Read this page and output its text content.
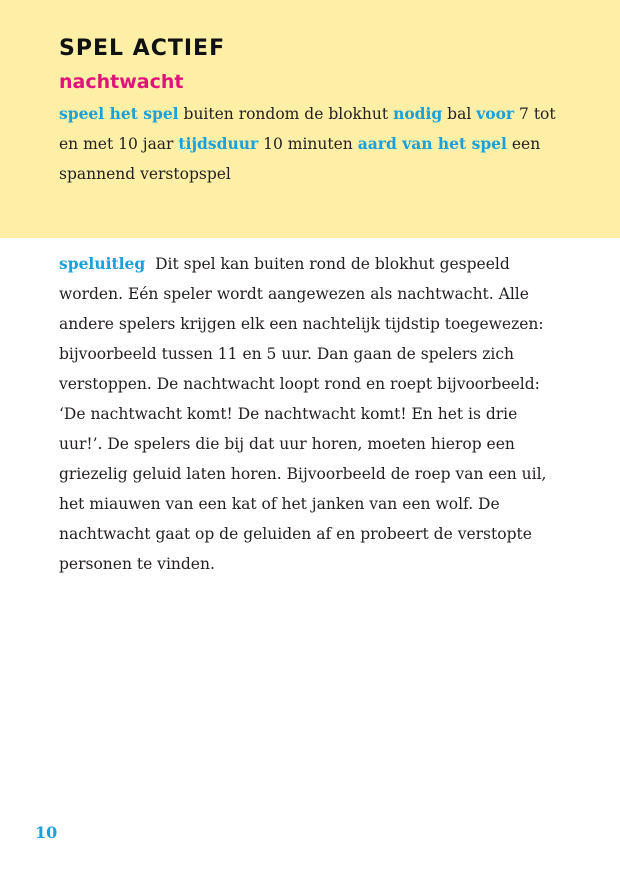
SPEL ACTIEF
nachtwacht

speel het spel buiten rondom de blokhut nodig bal voor 7 tot en met 10 jaar tijdsduur 10 minuten aard van het spel een spannend verstopspel

speluitleg Dit spel kan buiten rond de blokhut gespeeld worden. Eén speler wordt aangewezen als nachtwacht. Alle andere spelers krijgen elk een nachtelijk tijdstip toegewezen: bijvoorbeeld tussen 11 en 5 uur. Dan gaan de spelers zich verstoppen. De nachtwacht loopt rond en roept bijvoorbeeld: ‘De nachtwacht komt! De nachtwacht komt! En het is drie uur!’. De spelers die bij dat uur horen, moeten hierop een griezelig geluid laten horen. Bijvoorbeeld de roep van een uil, het miauwen van een kat of het janken van een wolf. De nachtwacht gaat op de geluiden af en probeert de verstopte personen te vinden.

10
